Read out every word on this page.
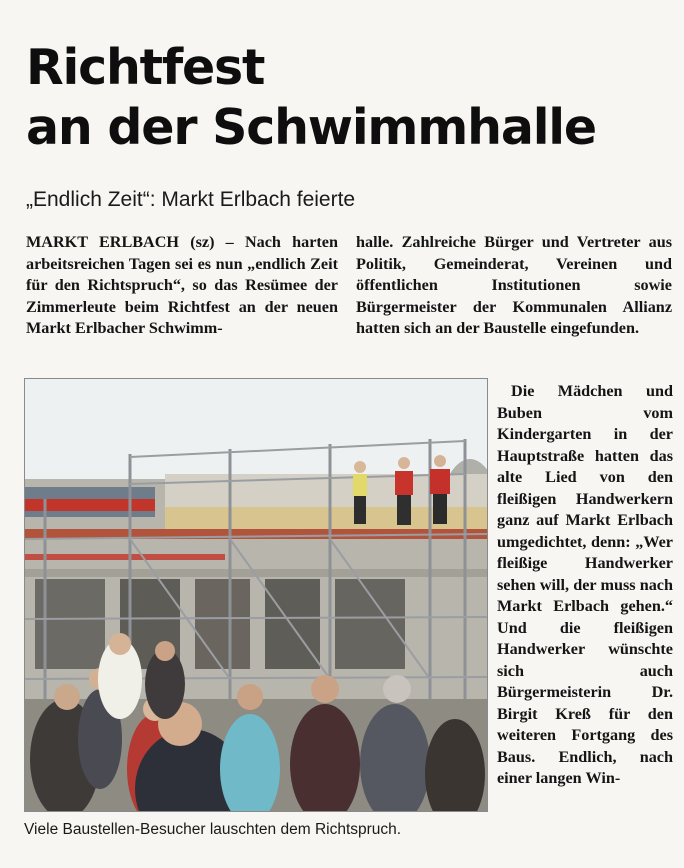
Richtfest
an der Schwimmhalle

„Endlich Zeit“: Markt Erlbach feierte

MARKT ERLBACH (sz) – Nach harten arbeitsreichen Tagen sei es nun „endlich Zeit für den Richtspruch“, so das Resümee der Zimmerleute beim Richtfest an der neuen Markt Erlbacher Schwimm-

halle. Zahlreiche Bürger und Vertreter aus Politik, Gemeinderat, Vereinen und öffentlichen Institutionen sowie Bürgermeister der Kommunalen Allianz hatten sich an der Baustelle eingefunden.

Die Mädchen und Buben vom Kindergarten in der Hauptstraße hatten das alte Lied von den fleißigen Handwerkern ganz auf Markt Erlbach umgedichtet, denn: „Wer fleißige Handwerker sehen will, der muss nach Markt Erlbach gehen.“ Und die fleißigen Handwerker wünschte sich auch Bürgermeisterin Dr. Birgit Kreß für den weiteren Fortgang des Baus. Endlich, nach einer langen Win-

Viele Baustellen-Besucher lauschten dem Richtspruch.
